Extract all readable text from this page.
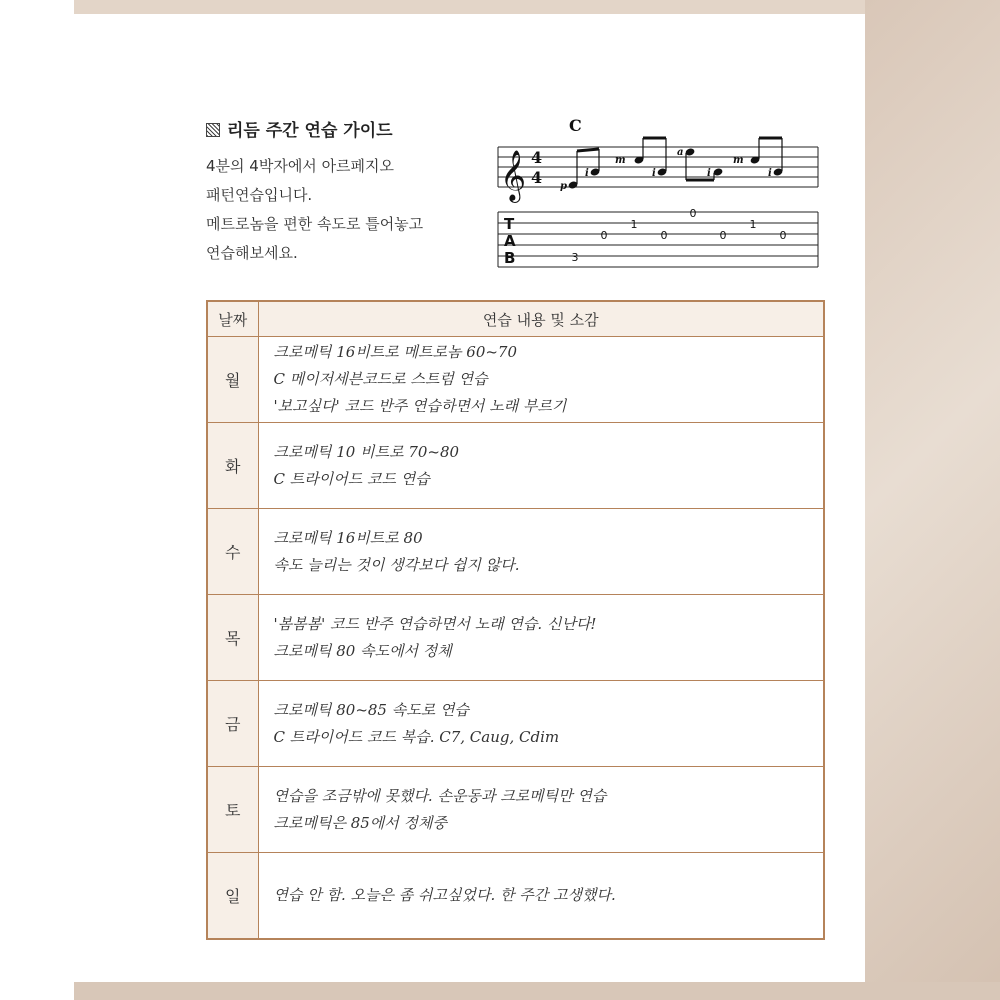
리듬 주간 연습 가이드
4분의 4박자에서 아르페지오
패턴연습입니다.
메트로놈을 편한 속도로 틀어놓고
연습해보세요.
C
𝄞 4
4 p
i
m
i
a
i
m
i
T
A
B	3
0
1
0
0
0
1
0
날짜	연습 내용 및 소감
월	크로메틱 16비트로 메트로놈 60~70
C 메이저세븐코드로 스트럼 연습
'보고싶다' 코드 반주 연습하면서 노래 부르기

화	크로메틱 10 비트로 70~80
C 트라이어드 코드 연습

수	크로메틱 16비트로 80
속도 늘리는 것이 생각보다 쉽지 않다.

목	'봄봄봄' 코드 반주 연습하면서 노래 연습. 신난다!
크로메틱 80 속도에서 정체

금	크로메틱 80~85 속도로 연습
C 트라이어드 코드 복습. C7, Caug, Cdim

토	연습을 조금밖에 못했다. 손운동과 크로메틱만 연습
크로메틱은 85에서 정체중

일	연습 안 함. 오늘은 좀 쉬고싶었다. 한 주간 고생했다.
